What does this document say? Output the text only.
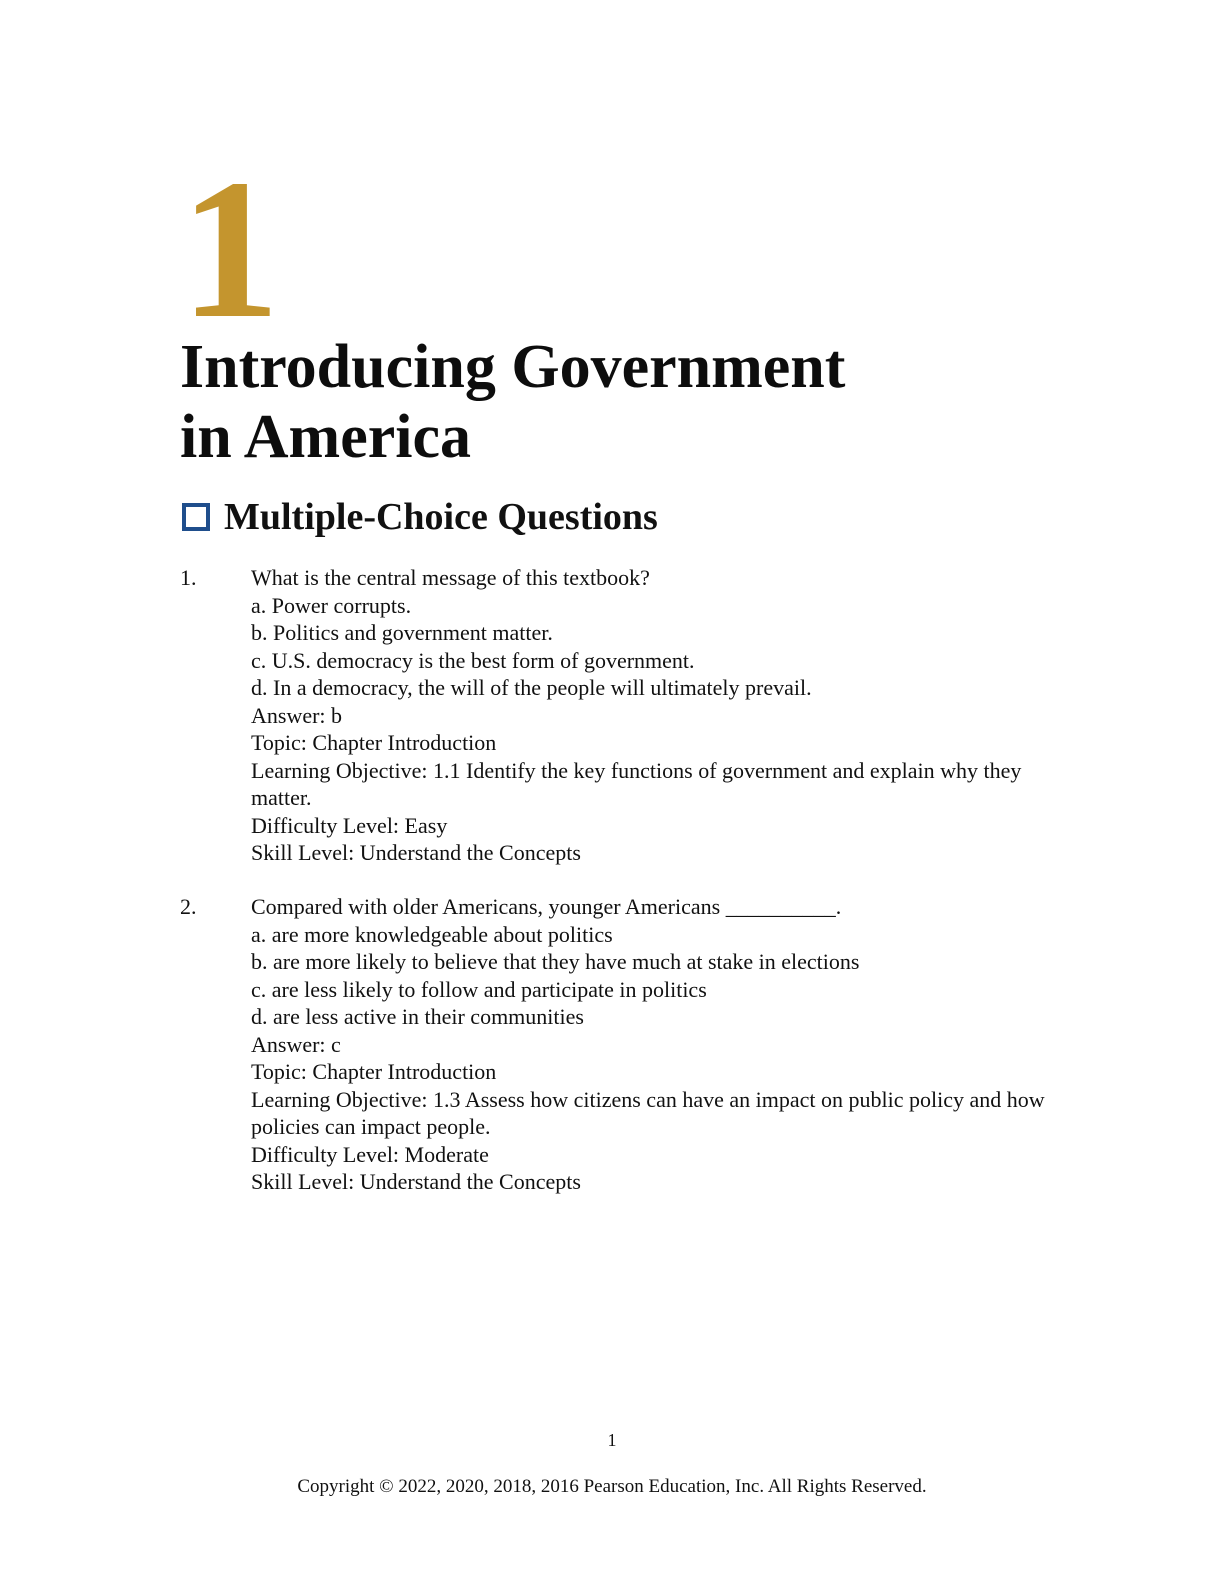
1
Introducing Government
in America
Multiple-Choice Questions
1. What is the central message of this textbook?
a. Power corrupts.
b. Politics and government matter.
c. U.S. democracy is the best form of government.
d. In a democracy, the will of the people will ultimately prevail.
Answer: b
Topic: Chapter Introduction
Learning Objective: 1.1 Identify the key functions of government and explain why they matter.
Difficulty Level: Easy
Skill Level: Understand the Concepts
2. Compared with older Americans, younger Americans __________.
a. are more knowledgeable about politics
b. are more likely to believe that they have much at stake in elections
c. are less likely to follow and participate in politics
d. are less active in their communities
Answer: c
Topic: Chapter Introduction
Learning Objective: 1.3 Assess how citizens can have an impact on public policy and how policies can impact people.
Difficulty Level: Moderate
Skill Level: Understand the Concepts
1
Copyright © 2022, 2020, 2018, 2016 Pearson Education, Inc. All Rights Reserved.
